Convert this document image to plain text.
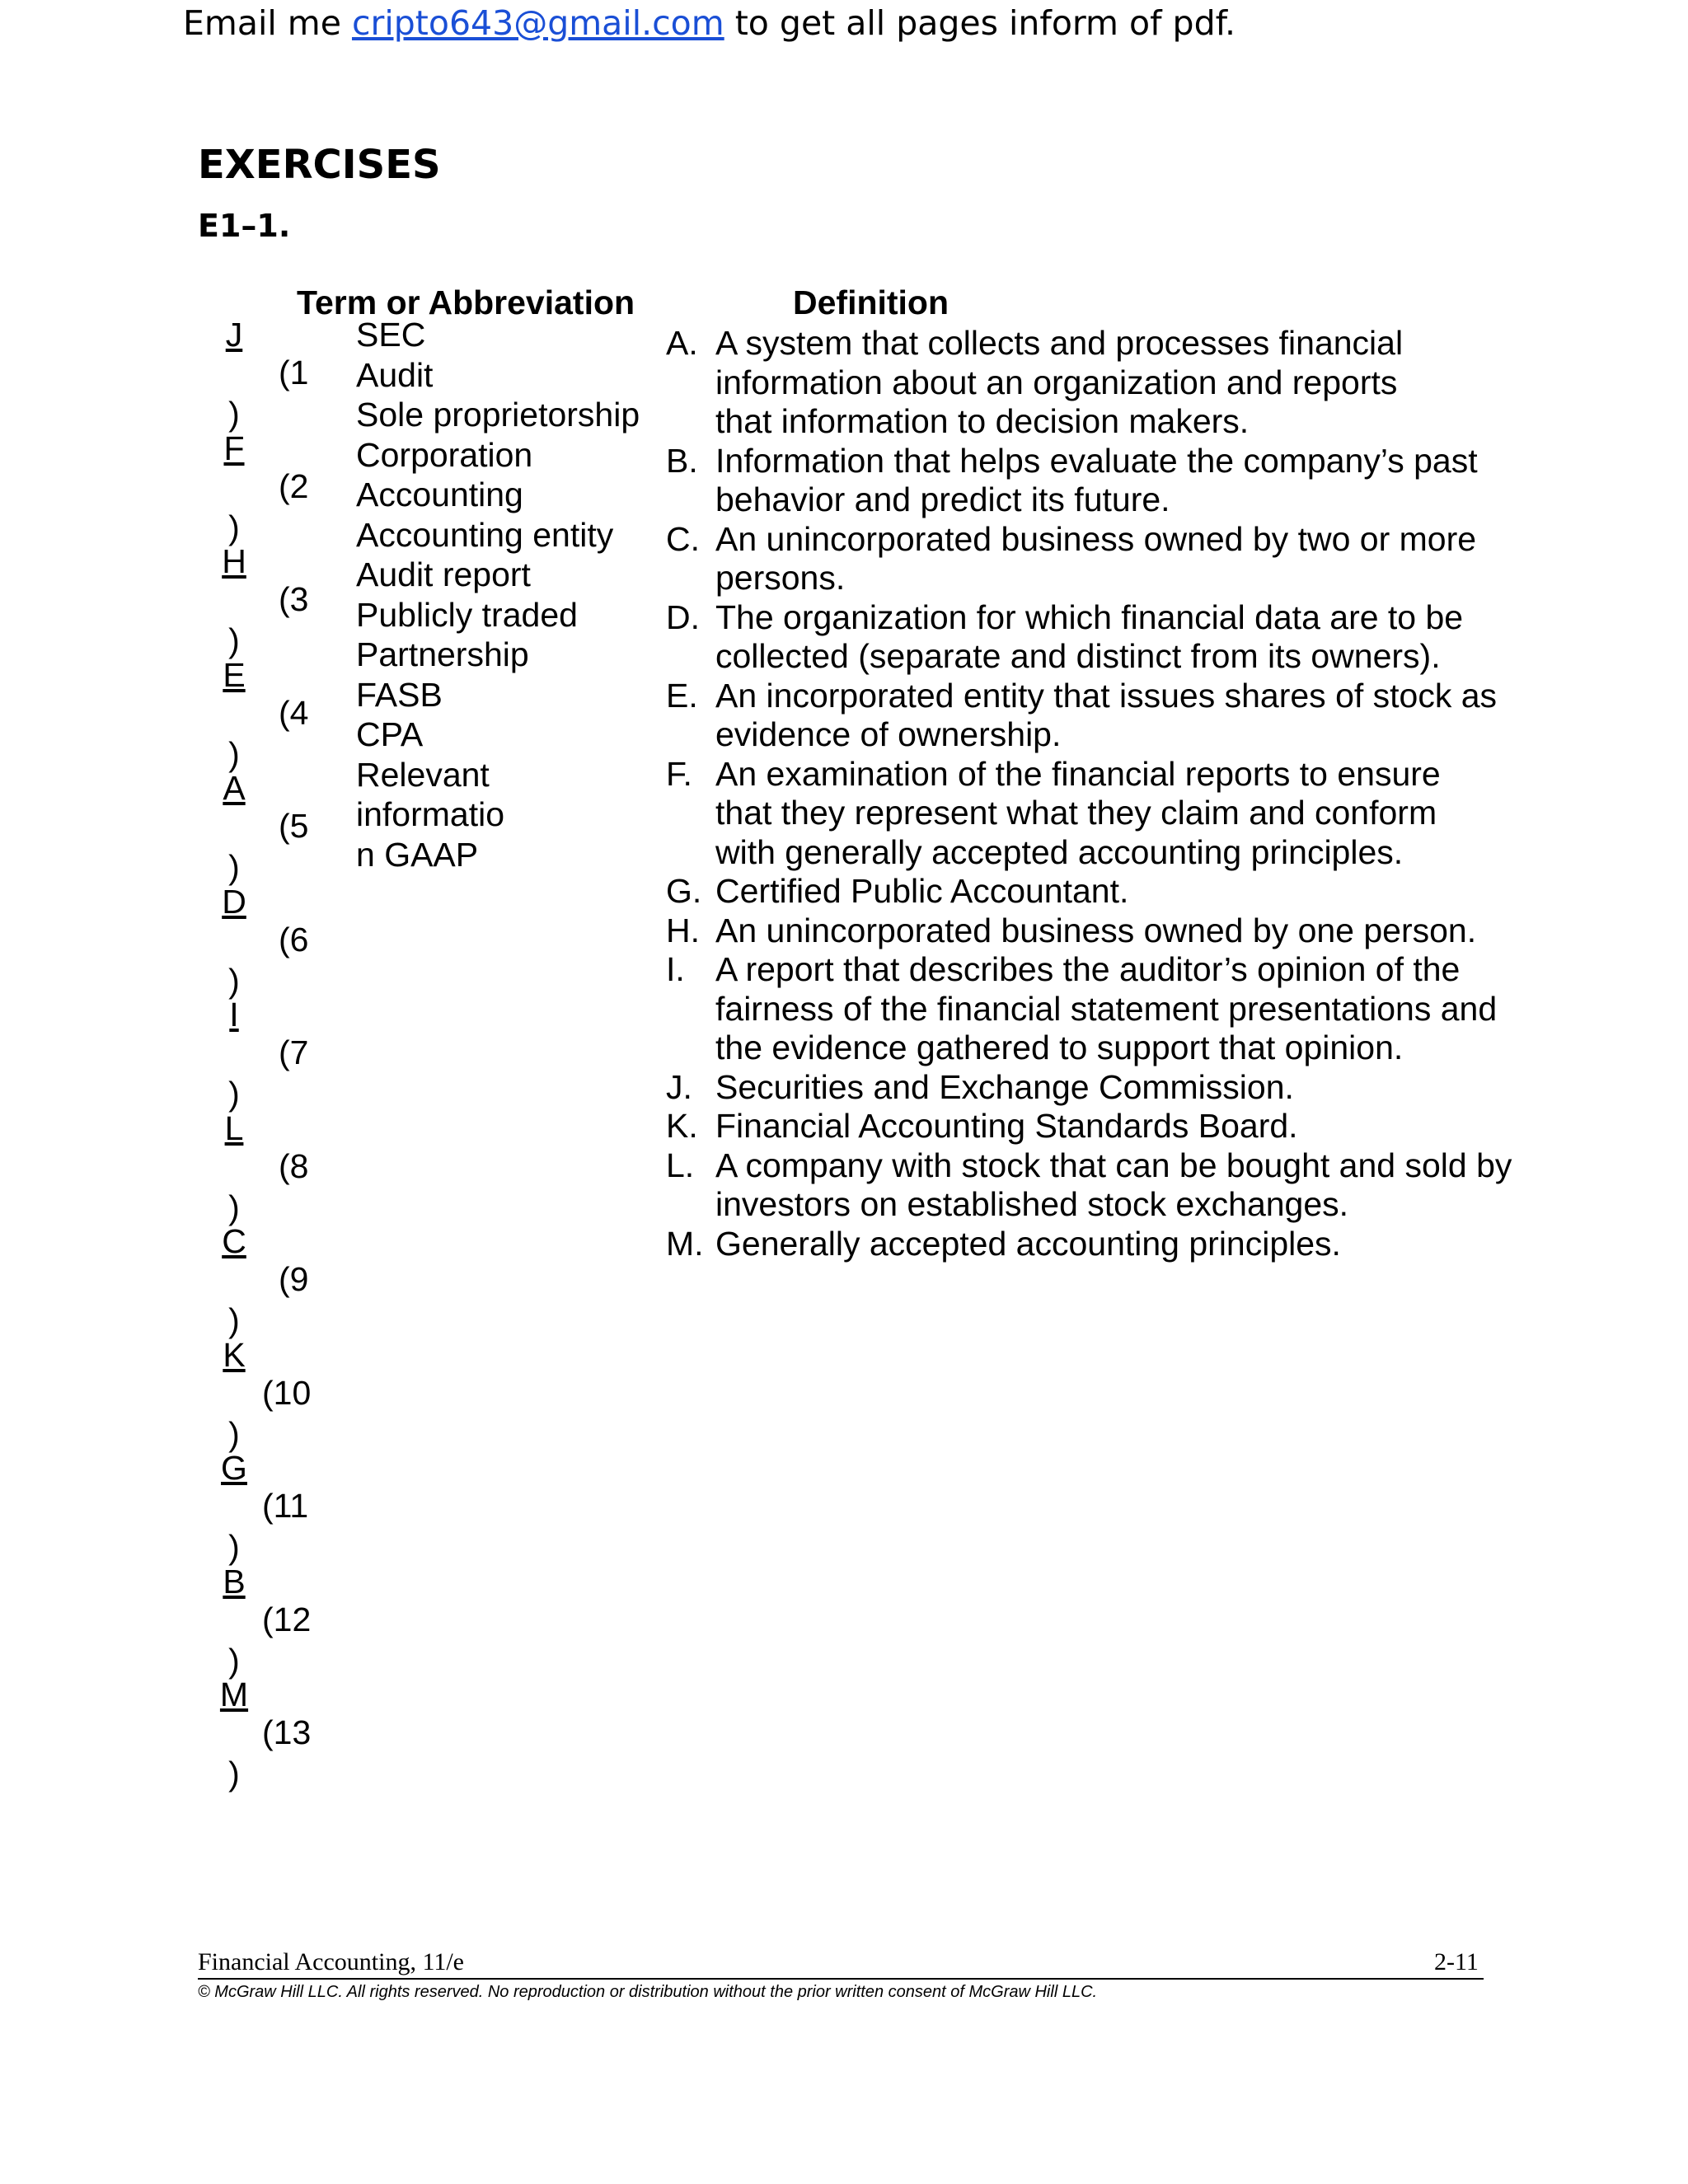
Email me cripto643@gmail.com to get all pages inform of pdf.
EXERCISES
E1–1.
Term or Abbreviation	Definition
J
)
(1
F
)
(2
H
)
(3
E
)
(4
A
)
(5
D
)
(6
I
)
(7
L
)
(8
C
)
(9
K
)
(10
G
)
(11
B
)
(12
M
)
(13
SEC
Audit
Sole proprietorship
Corporation
Accounting
Accounting entity
Audit report
Publicly traded
Partnership
FASB
CPA
Relevant
informatio
n GAAP
A. A system that collects and processes financial
information about an organization and reports
that information to decision makers.
B. Information that helps evaluate the company’s past
behavior and predict its future.
C. An unincorporated business owned by two or more
persons.
D. The organization for which financial data are to be
collected (separate and distinct from its owners).
E. An incorporated entity that issues shares of stock as
evidence of ownership.
F. An examination of the financial reports to ensure
that they represent what they claim and conform
with generally accepted accounting principles.
G. Certified Public Accountant.
H. An unincorporated business owned by one person.
I. A report that describes the auditor’s opinion of the
fairness of the financial statement presentations and
the evidence gathered to support that opinion.
J. Securities and Exchange Commission.
K. Financial Accounting Standards Board.
L. A company with stock that can be bought and sold by
investors on established stock exchanges.
M. Generally accepted accounting principles.
Financial Accounting, 11/e	2-11
© McGraw Hill LLC. All rights reserved. No reproduction or distribution without the prior written consent of McGraw Hill LLC.
